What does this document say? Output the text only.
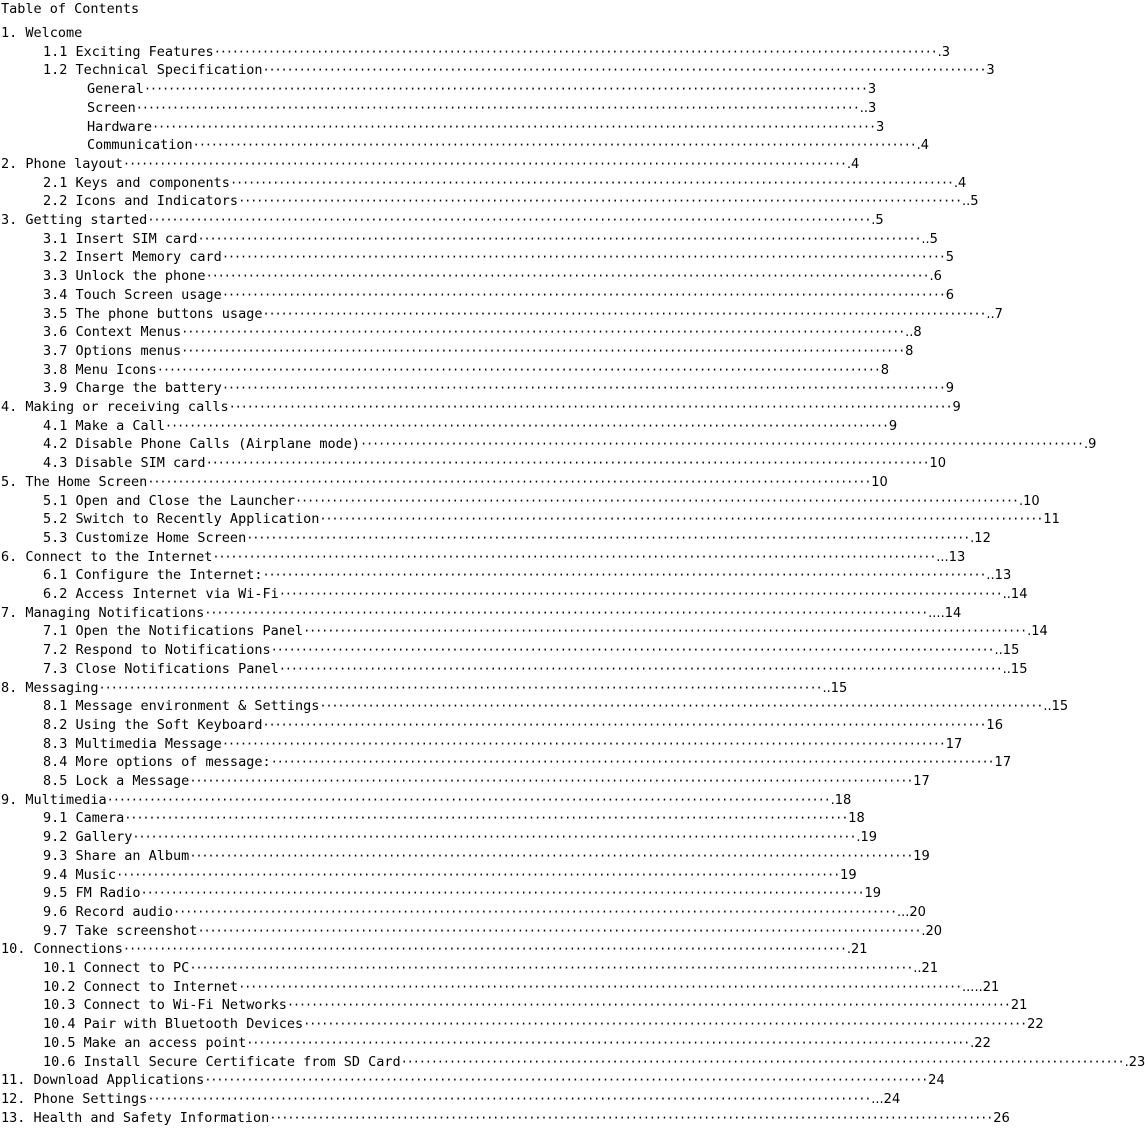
Table of Contents
1. Welcome
1.1 Exciting Features ························································································································ .3
1.2 Technical Specification ························································································································ 3
General ························································································································ 3
Screen ························································································································ ..3
Hardware ························································································································ 3
Communication ························································································································ .4
2. Phone layout ························································································································ .4
2.1 Keys and components ························································································································ .4
2.2 Icons and Indicators ························································································································ ..5
3. Getting started ························································································································ .5
3.1 Insert SIM card ························································································································ ..5
3.2 Insert Memory card ························································································································ 5
3.3 Unlock the phone ························································································································ .6
3.4 Touch Screen usage ························································································································ 6
3.5 The phone buttons usage ························································································································ ..7
3.6 Context Menus ························································································································ ..8
3.7 Options menus ························································································································ 8
3.8 Menu Icons ························································································································ 8
3.9 Charge the battery ························································································································ 9
4. Making or receiving calls ························································································································ 9
4.1 Make a Call ························································································································ 9
4.2 Disable Phone Calls (Airplane mode) ························································································································ .9
4.3 Disable SIM card ························································································································ 10
5. The Home Screen ························································································································ 10
5.1 Open and Close the Launcher ························································································································ .10
5.2 Switch to Recently Application ························································································································ 11
5.3 Customize Home Screen ························································································································ .12
6. Connect to the Internet ························································································································ ...13
6.1 Configure the Internet: ························································································································ ..13
6.2 Access Internet via Wi-Fi ························································································································ ..14
7. Managing Notifications ························································································································ ....14
7.1 Open the Notifications Panel ························································································································ .14
7.2 Respond to Notifications ························································································································ ..15
7.3 Close Notifications Panel ························································································································ ..15
8. Messaging ························································································································ ..15
8.1 Message environment & Settings ························································································································ ..15
8.2 Using the Soft Keyboard ························································································································ 16
8.3 Multimedia Message ························································································································ 17
8.4 More options of message: ························································································································ 17
8.5 Lock a Message ························································································································ 17
9. Multimedia ························································································································ .18
9.1 Camera ························································································································ 18
9.2 Gallery ························································································································ .19
9.3 Share an Album ························································································································ 19
9.4 Music ························································································································ 19
9.5 FM Radio ························································································································ 19
9.6 Record audio ························································································································ ...20
9.7 Take screenshot ························································································································ .20
10. Connections ························································································································ .21
10.1 Connect to PC ························································································································ ..21
10.2 Connect to Internet ························································································································ .....21
10.3 Connect to Wi-Fi Networks ························································································································ 21
10.4 Pair with Bluetooth Devices ························································································································ 22
10.5 Make an access point ························································································································ .22
10.6 Install Secure Certificate from SD Card ························································································································ .23
11. Download Applications ························································································································ 24
12. Phone Settings ························································································································ ...24
13. Health and Safety Information ························································································································ 26
